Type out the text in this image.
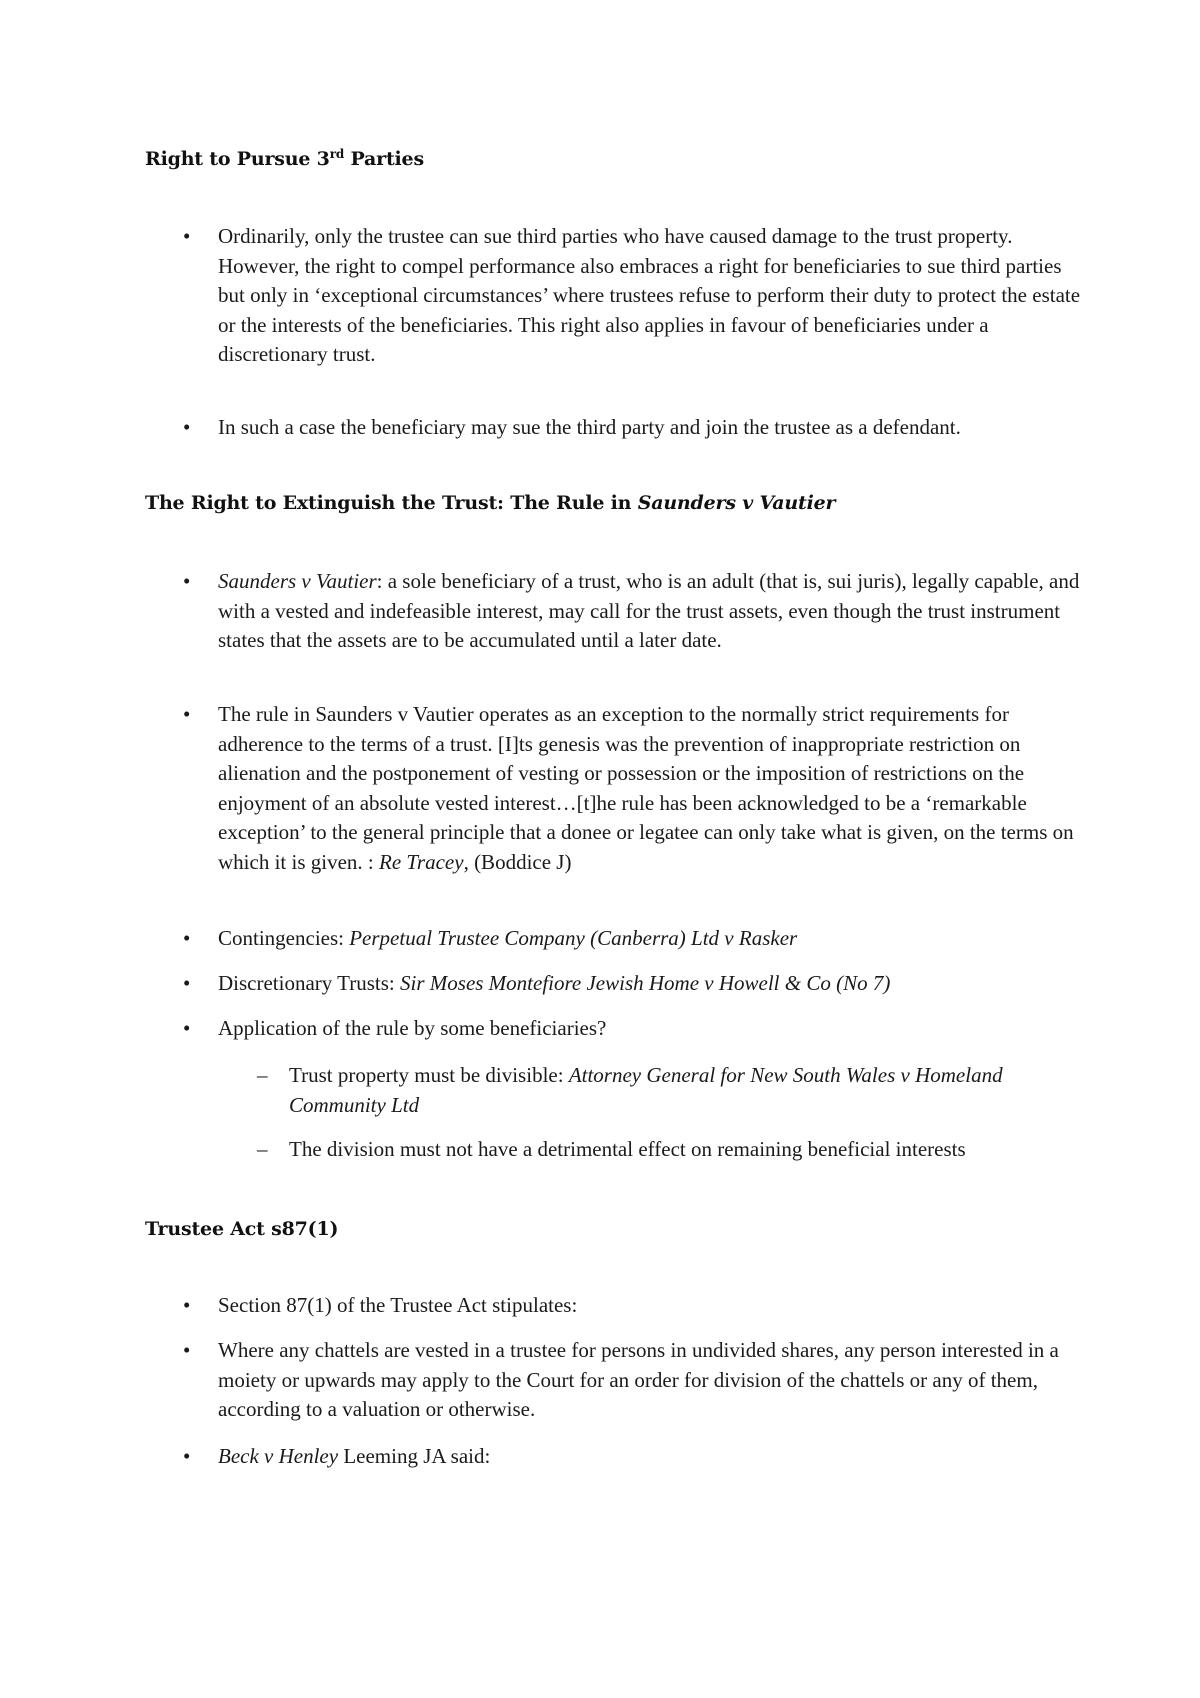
Right to Pursue 3rd Parties
•	Ordinarily, only the trustee can sue third parties who have caused damage to the trust property. However, the right to compel performance also embraces a right for beneficiaries to sue third parties but only in ‘exceptional circumstances’ where trustees refuse to perform their duty to protect the estate or the interests of the beneficiaries. This right also applies in favour of beneficiaries under a discretionary trust.
•	In such a case the beneficiary may sue the third party and join the trustee as a defendant.
The Right to Extinguish the Trust: The Rule in Saunders v Vautier
•	Saunders v Vautier: a sole beneficiary of a trust, who is an adult (that is, sui juris), legally capable, and with a vested and indefeasible interest, may call for the trust assets, even though the trust instrument states that the assets are to be accumulated until a later date.
•	The rule in Saunders v Vautier operates as an exception to the normally strict requirements for adherence to the terms of a trust. [I]ts genesis was the prevention of inappropriate restriction on alienation and the postponement of vesting or possession or the imposition of restrictions on the enjoyment of an absolute vested interest…[t]he rule has been acknowledged to be a ‘remarkable exception’ to the general principle that a donee or legatee can only take what is given, on the terms on which it is given. : Re Tracey, (Boddice J)
•	Contingencies: Perpetual Trustee Company (Canberra) Ltd v Rasker
•	Discretionary Trusts: Sir Moses Montefiore Jewish Home v Howell & Co (No 7)
•	Application of the rule by some beneficiaries?
–	Trust property must be divisible: Attorney General for New South Wales v Homeland Community Ltd
–	The division must not have a detrimental effect on remaining beneficial interests
Trustee Act s87(1)
•	Section 87(1) of the Trustee Act stipulates:
•	Where any chattels are vested in a trustee for persons in undivided shares, any person interested in a moiety or upwards may apply to the Court for an order for division of the chattels or any of them, according to a valuation or otherwise.
•	Beck v Henley Leeming JA said:
